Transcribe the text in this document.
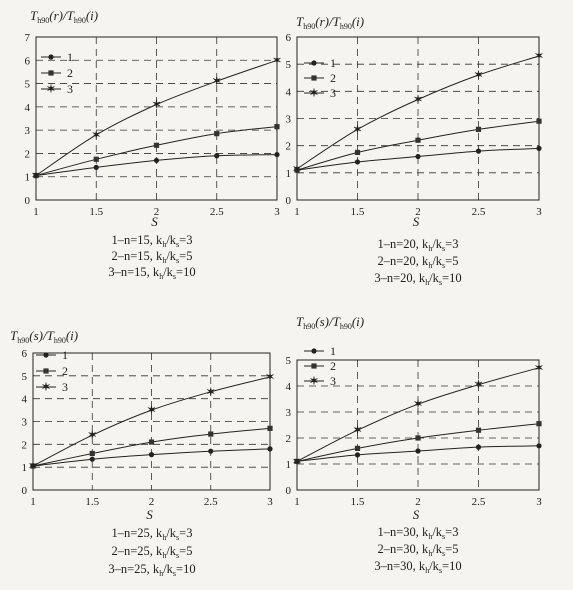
0
1
2
3
4
5
6
7
1	1.5	2	2.5	3
$T_{h90}(r)/T_{h90}(i)$
S
✶
✶
✶
✶
✶
1
2
✶ 3
1–n=15, $k_h/k_s=3$
2–n=15, $k_h/k_s=5$
3–n=15, $k_h/k_s=10$
0
1
2
3
4
5
6
1	1.5	2	2.5	3
$T_{h90}(r)/T_{h90}(i)$
S
✶
✶
✶
✶
✶
1
2
✶ 3
1–n=20, $k_h/k_s=3$
2–n=20, $k_h/k_s=5$
3–n=20, $k_h/k_s=10$
0
1
2
3
4
5
6
1	1.5	2	2.5	3
$T_{h90}(s)/T_{h90}(i)$
S
✶
✶
✶
✶
✶
1
2
✶ 3
1–n=25, $k_h/k_s=3$
2–n=25, $k_h/k_s=5$
3–n=25, $k_h/k_s=10$
0
1
2
3
4
5
1	1.5	2	2.5	3
$T_{h90}(s)/T_{h90}(i)$
S
✶
✶
✶
✶
✶
1
2
✶ 3
1–n=30, $k_h/k_s=3$
2–n=30, $k_h/k_s=5$
3–n=30, $k_h/k_s=10$
